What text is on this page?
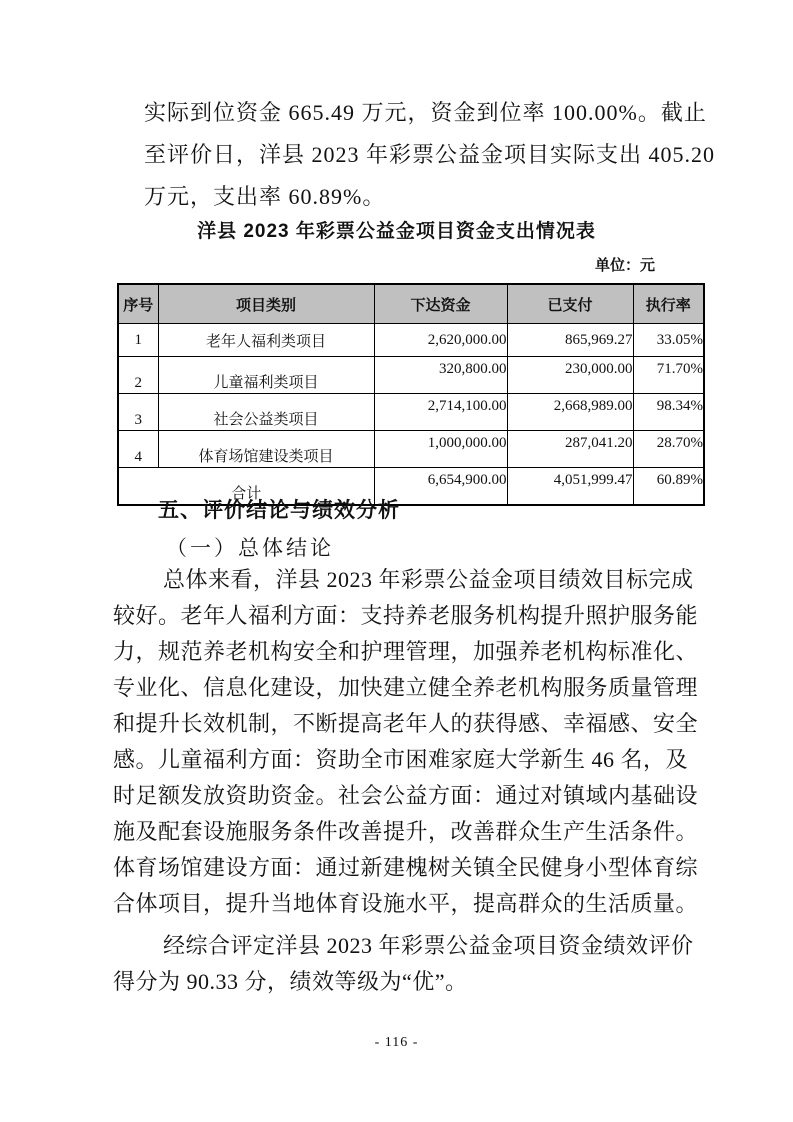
实际到位资金 665.49 万元，资金到位率 100.00%。截止
至评价日，洋县 2023 年彩票公益金项目实际支出 405.20
万元，支出率 60.89%。
洋县 2023 年彩票公益金项目资金支出情况表
单位：元
序号	项目类别	下达资金	已支付	执行率
1	老年人福利类项目	2,620,000.00	865,969.27	33.05%
2	儿童福利类项目	320,800.00	230,000.00	71.70%
3	社会公益类项目	2,714,100.00	2,668,989.00	98.34%
4	体育场馆建设类项目	1,000,000.00	287,041.20	28.70%
合计		6,654,900.00	4,051,999.47	60.89%
五、评价结论与绩效分析
（一）总体结论
总体来看，洋县 2023 年彩票公益金项目绩效目标完成
较好。老年人福利方面：支持养老服务机构提升照护服务能
力，规范养老机构安全和护理管理，加强养老机构标准化、
专业化、信息化建设，加快建立健全养老机构服务质量管理
和提升长效机制，不断提高老年人的获得感、幸福感、安全
感。儿童福利方面：资助全市困难家庭大学新生 46 名，及
时足额发放资助资金。社会公益方面：通过对镇域内基础设
施及配套设施服务条件改善提升，改善群众生产生活条件。
体育场馆建设方面：通过新建槐树关镇全民健身小型体育综
合体项目，提升当地体育设施水平，提高群众的生活质量。
经综合评定洋县 2023 年彩票公益金项目资金绩效评价
得分为 90.33 分，绩效等级为“优”。
- 116 -
